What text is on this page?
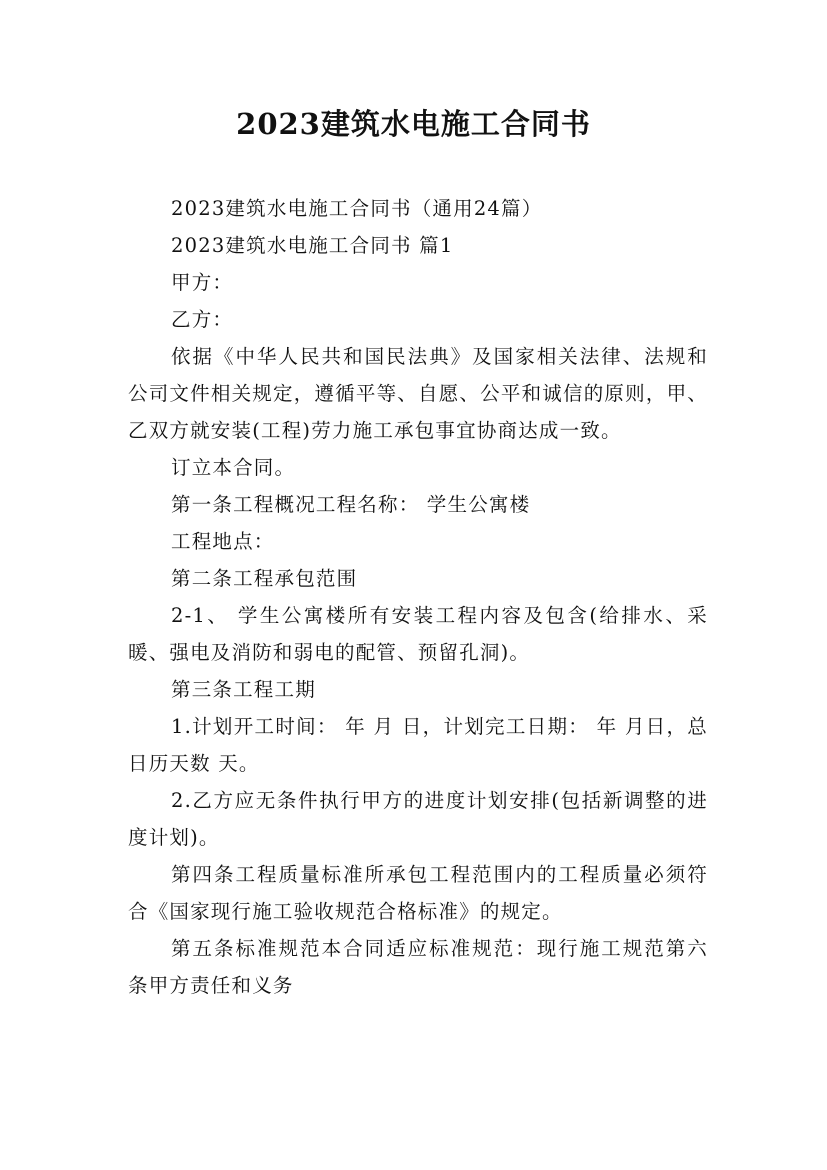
2023建筑水电施工合同书

2023建筑水电施工合同书（通用24篇）

2023建筑水电施工合同书 篇1

甲方：

乙方：

依据《中华人民共和国民法典》及国家相关法律、法规和公司文件相关规定，遵循平等、自愿、公平和诚信的原则，甲、乙双方就安装(工程)劳力施工承包事宜协商达成一致。

订立本合同。

第一条工程概况工程名称： 学生公寓楼

工程地点：

第二条工程承包范围

2-1、 学生公寓楼所有安装工程内容及包含(给排水、采暖、强电及消防和弱电的配管、预留孔洞)。

第三条工程工期

1.计划开工时间： 年 月 日，计划完工日期： 年 月日，总日历天数 天。

2.乙方应无条件执行甲方的进度计划安排(包括新调整的进度计划)。

第四条工程质量标准所承包工程范围内的工程质量必须符合《国家现行施工验收规范合格标准》的规定。

第五条标准规范本合同适应标准规范：现行施工规范第六条甲方责任和义务
